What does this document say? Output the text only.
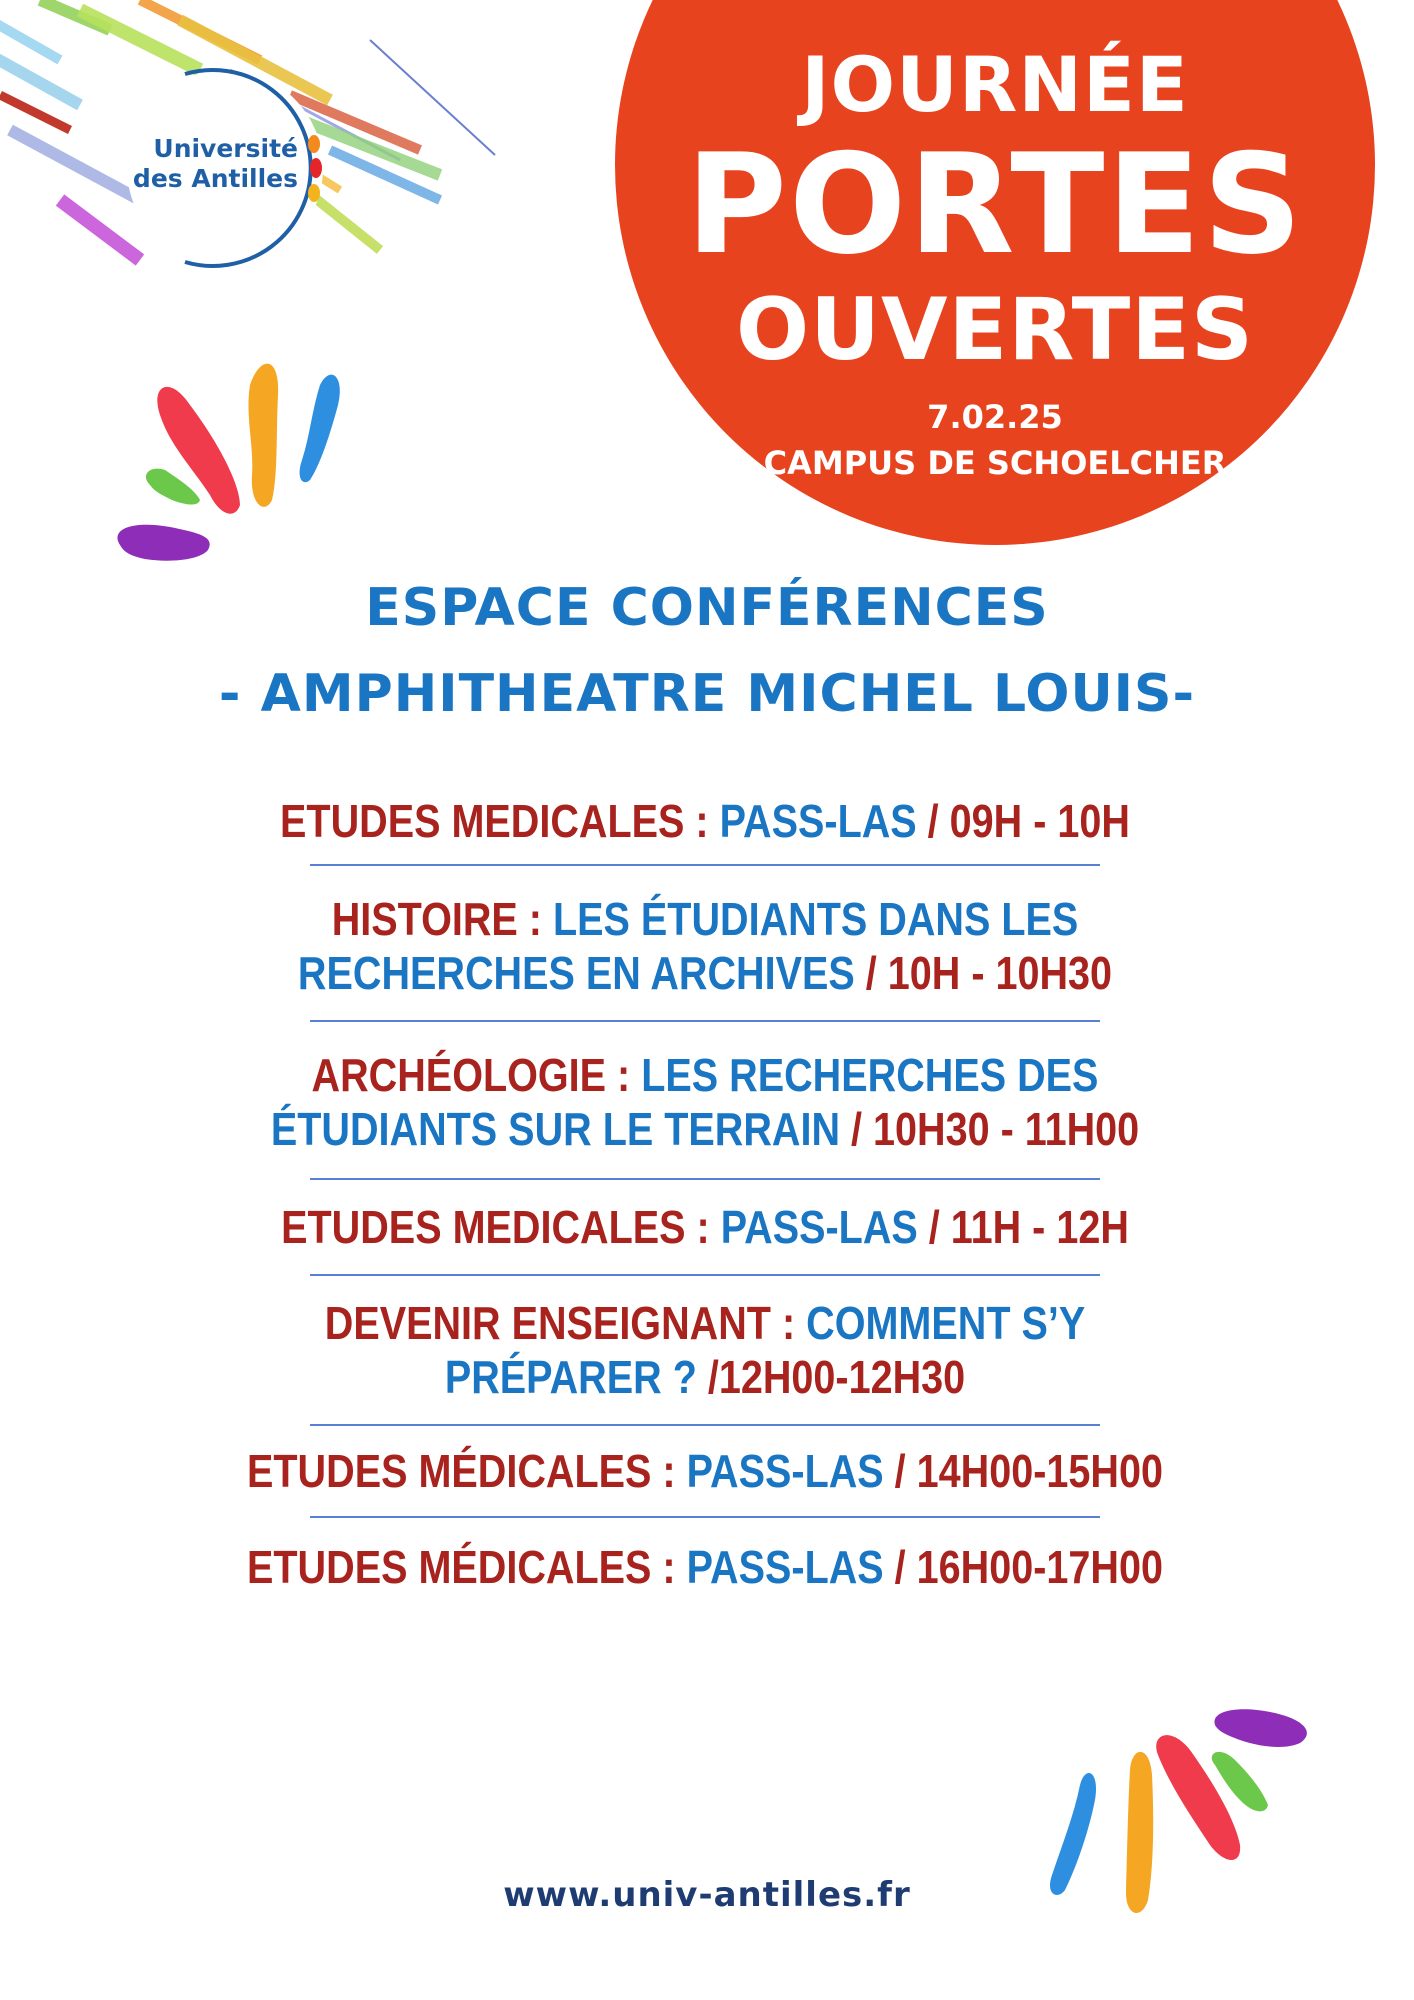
Université
des Antilles
JOURNÉE
PORTES
OUVERTES
7.02.25
CAMPUS DE SCHOELCHER
ESPACE CONFÉRENCES
- AMPHITHEATRE MICHEL LOUIS-
ETUDES MEDICALES : PASS-LAS / 09H - 10H
HISTOIRE : LES ÉTUDIANTS DANS LES RECHERCHES EN ARCHIVES / 10H - 10H30
ARCHÉOLOGIE : LES RECHERCHES DES ÉTUDIANTS SUR LE TERRAIN / 10H30 - 11H00
ETUDES MEDICALES : PASS-LAS / 11H - 12H
DEVENIR ENSEIGNANT : COMMENT S’Y PRÉPARER ? /12H00-12H30
ETUDES MÉDICALES : PASS-LAS / 14H00-15H00
ETUDES MÉDICALES : PASS-LAS / 16H00-17H00
www.univ-antilles.fr
